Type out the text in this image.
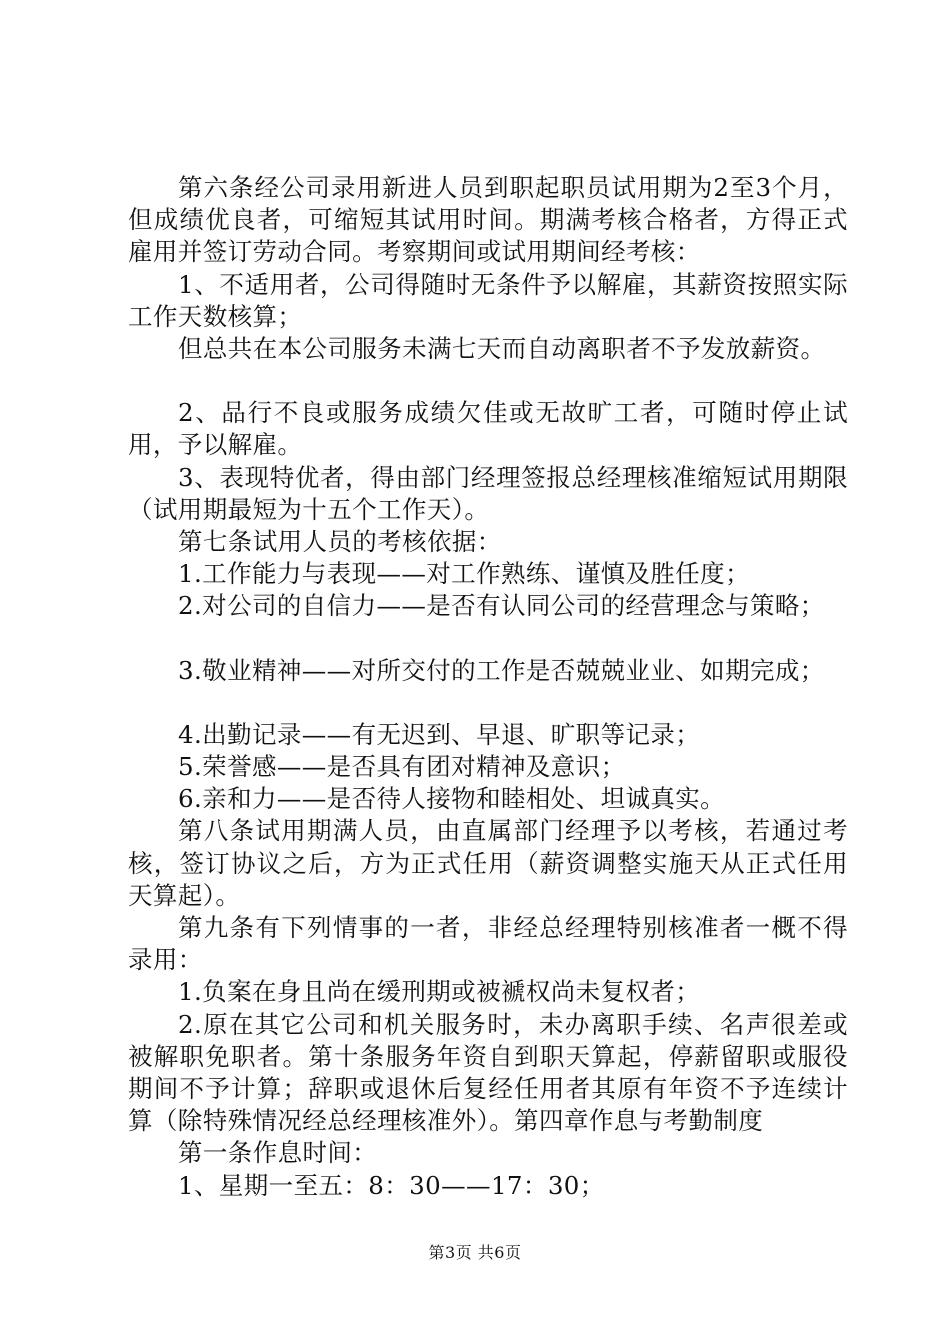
第六条经公司录用新进人员到职起职员试用期为2至3个月，但成绩优良者，可缩短其试用时间。期满考核合格者，方得正式雇用并签订劳动合同。考察期间或试用期间经考核：

1、不适用者，公司得随时无条件予以解雇，其薪资按照实际工作天数核算；

但总共在本公司服务未满七天而自动离职者不予发放薪资。

2、品行不良或服务成绩欠佳或无故旷工者，可随时停止试用，予以解雇。

3、表现特优者，得由部门经理签报总经理核准缩短试用期限（试用期最短为十五个工作天）。

第七条试用人员的考核依据：

1.工作能力与表现——对工作熟练、谨慎及胜任度；

2.对公司的自信力——是否有认同公司的经营理念与策略；

3.敬业精神——对所交付的工作是否兢兢业业、如期完成；

4.出勤记录——有无迟到、早退、旷职等记录；

5.荣誉感——是否具有团对精神及意识；

6.亲和力——是否待人接物和睦相处、坦诚真实。

第八条试用期满人员，由直属部门经理予以考核，若通过考核，签订协议之后，方为正式任用（薪资调整实施天从正式任用天算起）。

第九条有下列情事的一者，非经总经理特别核准者一概不得录用：

1.负案在身且尚在缓刑期或被褫权尚未复权者；

2.原在其它公司和机关服务时，未办离职手续、名声很差或被解职免职者。第十条服务年资自到职天算起，停薪留职或服役期间不予计算；辞职或退休后复经任用者其原有年资不予连续计算（除特殊情况经总经理核准外）。第四章作息与考勤制度

第一条作息时间：

1、星期一至五：8：30——17：30；

第3页 共6页
